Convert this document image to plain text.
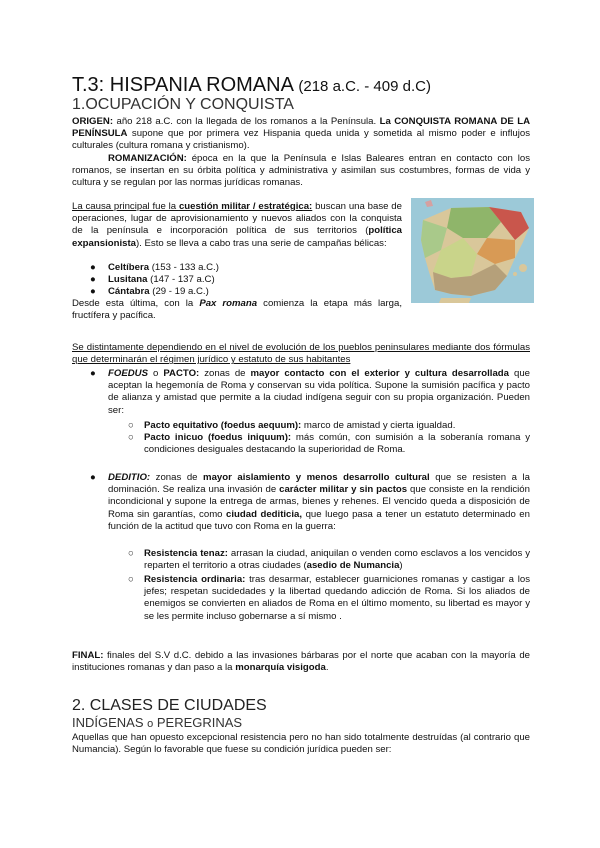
T.3: HISPANIA ROMANA (218 a.C. - 409 d.C)
1.OCUPACIÓN Y CONQUISTA
ORIGEN: año 218 a.C. con la llegada de los romanos a la Península. La CONQUISTA ROMANA DE LA PENÍNSULA supone que por primera vez Hispania queda unida y sometida al mismo poder e influjos culturales (cultura romana y cristianismo).
ROMANIZACIÓN: época en la que la Península e Islas Baleares entran en contacto con los romanos, se insertan en su órbita política y administrativa y asimilan sus costumbres, formas de vida y cultura y se regulan por las normas jurídicas romanas.
La causa principal fue la cuestión militar / estratégica: buscan una base de operaciones, lugar de aprovisionamiento y nuevos aliados con la conquista de la península e incorporación política de sus territorios (política expansionista). Esto se lleva a cabo tras una serie de campañas bélicas:
● Celtíbera (153 - 133 a.C.)
● Lusitana (147 - 137 a.C)
● Cántabra (29 - 19 a.C.)
Desde esta última, con la Pax romana comienza la etapa más larga, fructífera y pacífica.
Se distintamente dependiendo en el nivel de evolución de los pueblos peninsulares mediante dos fórmulas que determinarán el régimen jurídico y estatuto de sus habitantes
● FOEDUS o PACTO: zonas de mayor contacto con el exterior y cultura desarrollada que aceptan la hegemonía de Roma y conservan su vida política. Supone la sumisión pacífica y pacto de alianza y amistad que permite a la ciudad indígena seguir con su propia organización. Pueden ser:
○ Pacto equitativo (foedus aequum): marco de amistad y cierta igualdad.
○ Pacto inicuo (foedus iniquum): más común, con sumisión a la soberanía romana y condiciones desiguales destacando la superioridad de Roma.
● DEDITIO: zonas de mayor aislamiento y menos desarrollo cultural que se resisten a la dominación. Se realiza una invasión de carácter militar y sin pactos que consiste en la rendición incondicional y supone la entrega de armas, bienes y rehenes. El vencido queda a disposición de Roma sin garantías, como ciudad dediticia, que luego pasa a tener un estatuto determinado en función de la actitud que tuvo con Roma en la guerra:
○ Resistencia tenaz: arrasan la ciudad, aniquilan o venden como esclavos a los vencidos y reparten el territorio a otras ciudades (asedio de Numancia)
○ Resistencia ordinaria: tras desarmar, establecer guarniciones romanas y castigar a los jefes; respetan sucidedades y la libertad quedando adicción de Roma. Si los aliados de enemigos se convierten en aliados de Roma en el último momento, su libertad es mayor y se les permite incluso gobernarse a sí mismo .
FINAL: finales del S.V d.C. debido a las invasiones bárbaras por el norte que acaban con la mayoría de instituciones romanas y dan paso a la monarquía visigoda.
2. CLASES DE CIUDADES
INDÍGENAS o PEREGRINAS
Aquellas que han opuesto excepcional resistencia pero no han sido totalmente destruídas (al contrario que Numancia). Según lo favorable que fuese su condición jurídica pueden ser:
